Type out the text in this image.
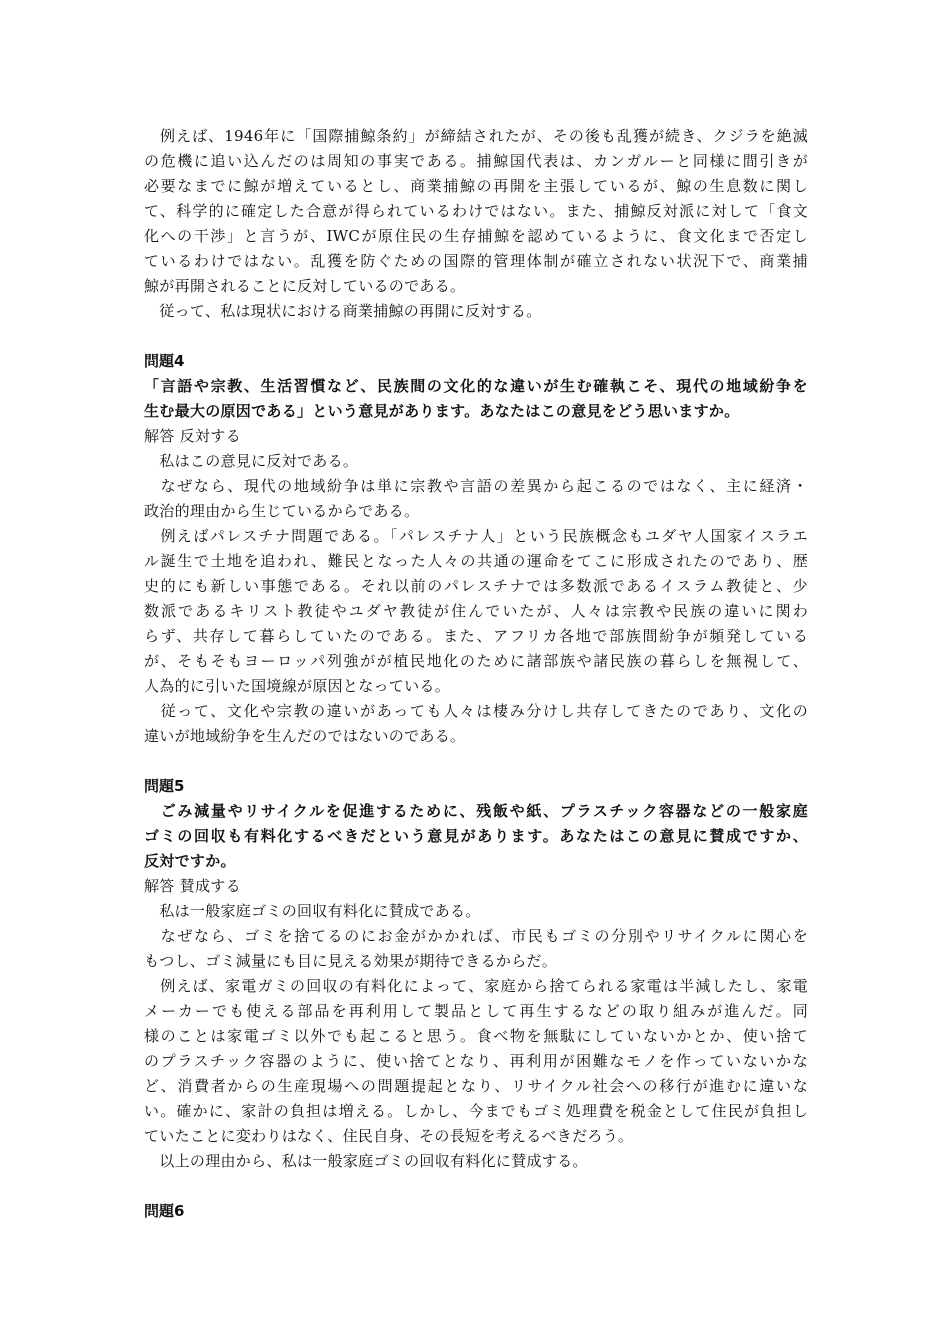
　例えば、1946年に「国際捕鯨条約」が締結されたが、その後も乱獲が続き、クジラを絶滅
の危機に追い込んだのは周知の事実である。捕鯨国代表は、カンガルーと同様に間引きが
必要なまでに鯨が増えているとし、商業捕鯨の再開を主張しているが、鯨の生息数に関し
て、科学的に確定した合意が得られているわけではない。また、捕鯨反対派に対して「食文
化への干渉」と言うが、IWCが原住民の生存捕鯨を認めているように、食文化まで否定し
ているわけではない。乱獲を防ぐための国際的管理体制が確立されない状況下で、商業捕
鯨が再開されることに反対しているのである。
　従って、私は現状における商業捕鯨の再開に反対する。
問題4
「言語や宗教、生活習慣など、民族間の文化的な違いが生む確執こそ、現代の地域紛争を
生む最大の原因である」という意見があります。あなたはこの意見をどう思いますか。
解答 反対する
　私はこの意見に反対である。
　なぜなら、現代の地域紛争は単に宗教や言語の差異から起こるのではなく、主に経済・
政治的理由から生じているからである。
　例えばパレスチナ問題である。「パレスチナ人」という民族概念もユダヤ人国家イスラエ
ル誕生で土地を追われ、難民となった人々の共通の運命をてこに形成されたのであり、歴
史的にも新しい事態である。それ以前のパレスチナでは多数派であるイスラム教徒と、少
数派であるキリスト教徒やユダヤ教徒が住んでいたが、人々は宗教や民族の違いに関わ
らず、共存して暮らしていたのである。また、アフリカ各地で部族間紛争が頻発している
が、そもそもヨーロッパ列強がが植民地化のために諸部族や諸民族の暮らしを無視して、
人為的に引いた国境線が原因となっている。
　従って、文化や宗教の違いがあっても人々は棲み分けし共存してきたのであり、文化の
違いが地域紛争を生んだのではないのである。
問題5
　ごみ減量やリサイクルを促進するために、残飯や紙、プラスチック容器などの一般家庭
ゴミの回収も有料化するべきだという意見があります。あなたはこの意見に賛成ですか、
反対ですか。
解答 賛成する
　私は一般家庭ゴミの回収有料化に賛成である。
　なぜなら、ゴミを捨てるのにお金がかかれば、市民もゴミの分別やリサイクルに関心を
もつし、ゴミ減量にも目に見える効果が期待できるからだ。
　例えば、家電ガミの回収の有料化によって、家庭から捨てられる家電は半減したし、家電
メーカーでも使える部品を再利用して製品として再生するなどの取り組みが進んだ。同
様のことは家電ゴミ以外でも起こると思う。食べ物を無駄にしていないかとか、使い捨て
のプラスチック容器のように、使い捨てとなり、再利用が困難なモノを作っていないかな
ど、消費者からの生産現場への問題提起となり、リサイクル社会への移行が進むに違いな
い。確かに、家計の負担は増える。しかし、今までもゴミ処理費を税金として住民が負担し
ていたことに変わりはなく、住民自身、その長短を考えるべきだろう。
　以上の理由から、私は一般家庭ゴミの回収有料化に賛成する。
問題6
